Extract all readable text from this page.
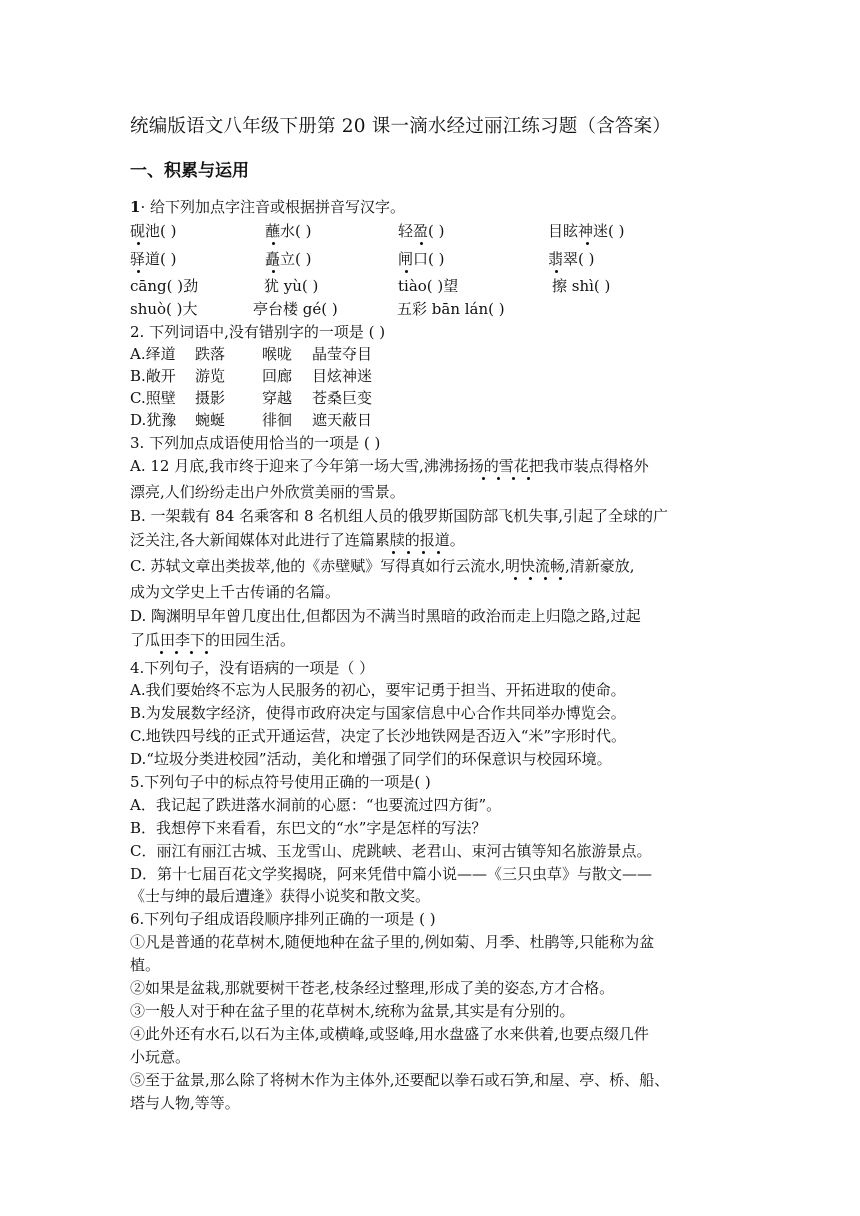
统编版语文八年级下册第 20 课一滴水经过丽江练习题（含答案）
一、积累与运用
1· 给下列加点字注音或根据拼音写汉字。
砚池( )	蘸水( )	轻盈( )	目眩神迷( )
驿道( )	矗立( )	闸口( )	翡翠( )
cāng( )劲	犹 yù( )	tiào( )望	擦 shì( )
shuò( )大	亭台楼 gé( )	五彩 bān lán( )
2. 下列词语中,没有错别字的一项是 ( )
A.绎道 跌落 喉咙 晶莹夺目
B.敞开 游览 回廊 目炫神迷
C.照壁 摄影 穿越 苍桑巨变
D.犹豫 蜿蜒 徘徊 遮天蔽日
3. 下列加点成语使用恰当的一项是 ( )
A. 12 月底,我市终于迎来了今年第一场大雪,沸沸扬扬的雪花把我市装点得格外
漂亮,人们纷纷走出户外欣赏美丽的雪景。
B. 一架载有 84 名乘客和 8 名机组人员的俄罗斯国防部飞机失事,引起了全球的广
泛关注,各大新闻媒体对此进行了连篇累牍的报道。
C. 苏轼文章出类拔萃,他的《赤壁赋》写得真如行云流水,明快流畅,清新豪放,
成为文学史上千古传诵的名篇。
D. 陶渊明早年曾几度出仕,但都因为不满当时黑暗的政治而走上归隐之路,过起
了瓜田李下的田园生活。
4.下列句子，没有语病的一项是（ ）
A.我们要始终不忘为人民服务的初心，要牢记勇于担当、开拓进取的使命。
B.为发展数字经济，使得市政府决定与国家信息中心合作共同举办博览会。
C.地铁四号线的正式开通运营，决定了长沙地铁网是否迈入“米”字形时代。
D.“垃圾分类进校园”活动，美化和增强了同学们的环保意识与校园环境。
5.下列句子中的标点符号使用正确的一项是( )
A．我记起了跌进落水洞前的心愿：“也要流过四方街”。
B．我想停下来看看，东巴文的“水”字是怎样的写法？
C．丽江有丽江古城、玉龙雪山、虎跳峡、老君山、束河古镇等知名旅游景点。
D．第十七届百花文学奖揭晓，阿来凭借中篇小说——《三只虫草》与散文——
《士与绅的最后遭逢》获得小说奖和散文奖。
6.下列句子组成语段顺序排列正确的一项是 ( )
①凡是普通的花草树木,随便地种在盆子里的,例如菊、月季、杜鹃等,只能称为盆
植。
②如果是盆栽,那就要树干苍老,枝条经过整理,形成了美的姿态,方才合格。
③一般人对于种在盆子里的花草树木,统称为盆景,其实是有分别的。
④此外还有水石,以石为主体,或横峰,或竖峰,用水盘盛了水来供着,也要点缀几件
小玩意。
⑤至于盆景,那么除了将树木作为主体外,还要配以拳石或石笋,和屋、亭、桥、船、
塔与人物,等等。
